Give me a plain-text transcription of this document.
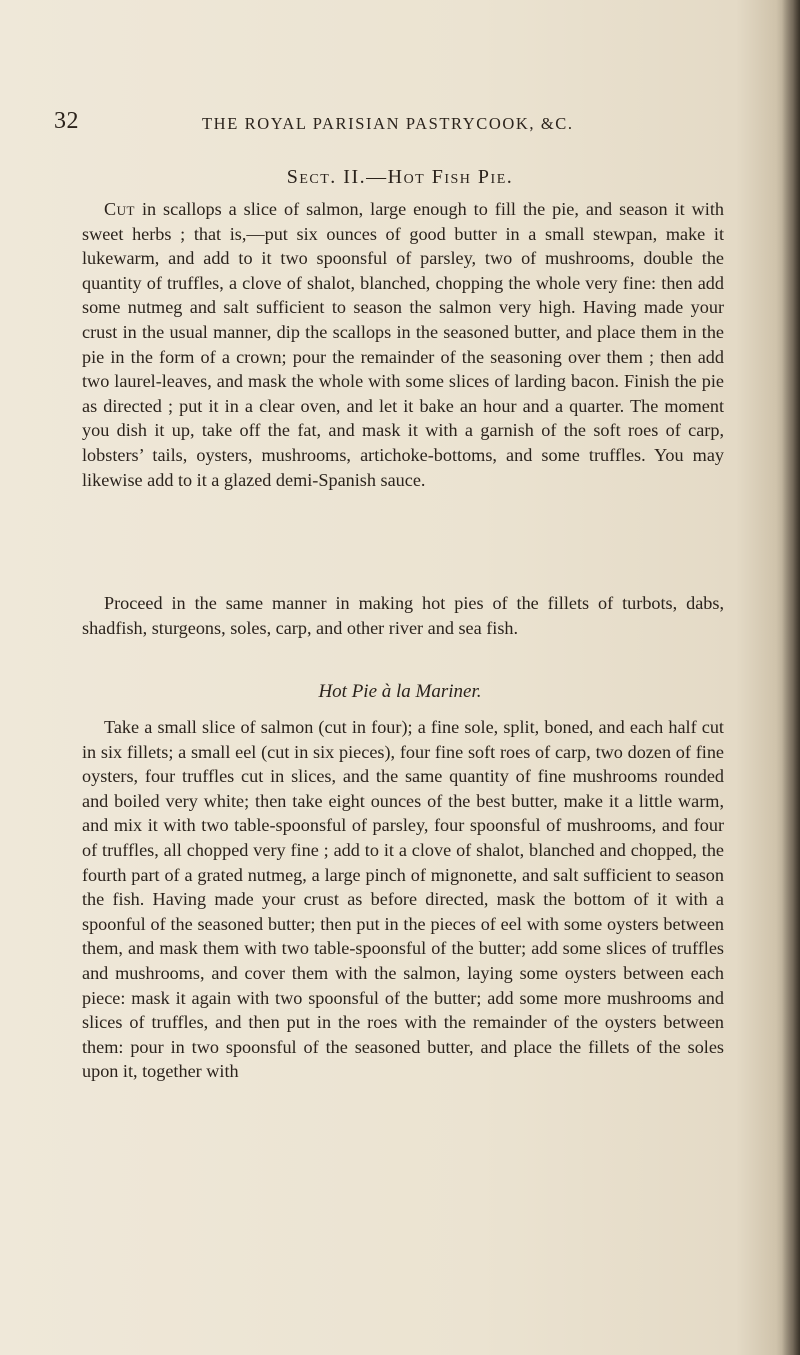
32	THE ROYAL PARISIAN PASTRYCOOK, &C.
Sect. II.—Hot Fish Pie.

Cut in scallops a slice of salmon, large enough to fill the pie, and season it with sweet herbs ; that is,—put six ounces of good butter in a small stewpan, make it lukewarm, and add to it two spoonsful of parsley, two of mushrooms, double the quantity of truffles, a clove of shalot, blanched, chopping the whole very fine: then add some nutmeg and salt sufficient to season the salmon very high. Having made your crust in the usual manner, dip the scallops in the seasoned butter, and place them in the pie in the form of a crown; pour the remainder of the seasoning over them ; then add two laurel-leaves, and mask the whole with some slices of larding bacon. Finish the pie as directed ; put it in a clear oven, and let it bake an hour and a quarter. The moment you dish it up, take off the fat, and mask it with a garnish of the soft roes of carp, lobsters’ tails, oysters, mushrooms, artichoke-bottoms, and some truffles. You may likewise add to it a glazed demi-Spanish sauce.

Proceed in the same manner in making hot pies of the fillets of turbots, dabs, shadfish, sturgeons, soles, carp, and other river and sea fish.

Hot Pie à la Mariner.

Take a small slice of salmon (cut in four); a fine sole, split, boned, and each half cut in six fillets; a small eel (cut in six pieces), four fine soft roes of carp, two dozen of fine oysters, four truffles cut in slices, and the same quantity of fine mushrooms rounded and boiled very white; then take eight ounces of the best butter, make it a little warm, and mix it with two table-spoonsful of parsley, four spoonsful of mushrooms, and four of truffles, all chopped very fine ; add to it a clove of shalot, blanched and chopped, the fourth part of a grated nutmeg, a large pinch of mignonette, and salt sufficient to season the fish. Having made your crust as before directed, mask the bottom of it with a spoonful of the seasoned butter; then put in the pieces of eel with some oysters between them, and mask them with two table-spoonsful of the butter; add some slices of truffles and mushrooms, and cover them with the salmon, laying some oysters between each piece: mask it again with two spoonsful of the butter; add some more mushrooms and slices of truffles, and then put in the roes with the remainder of the oysters between them: pour in two spoonsful of the seasoned butter, and place the fillets of the soles upon it, together with
